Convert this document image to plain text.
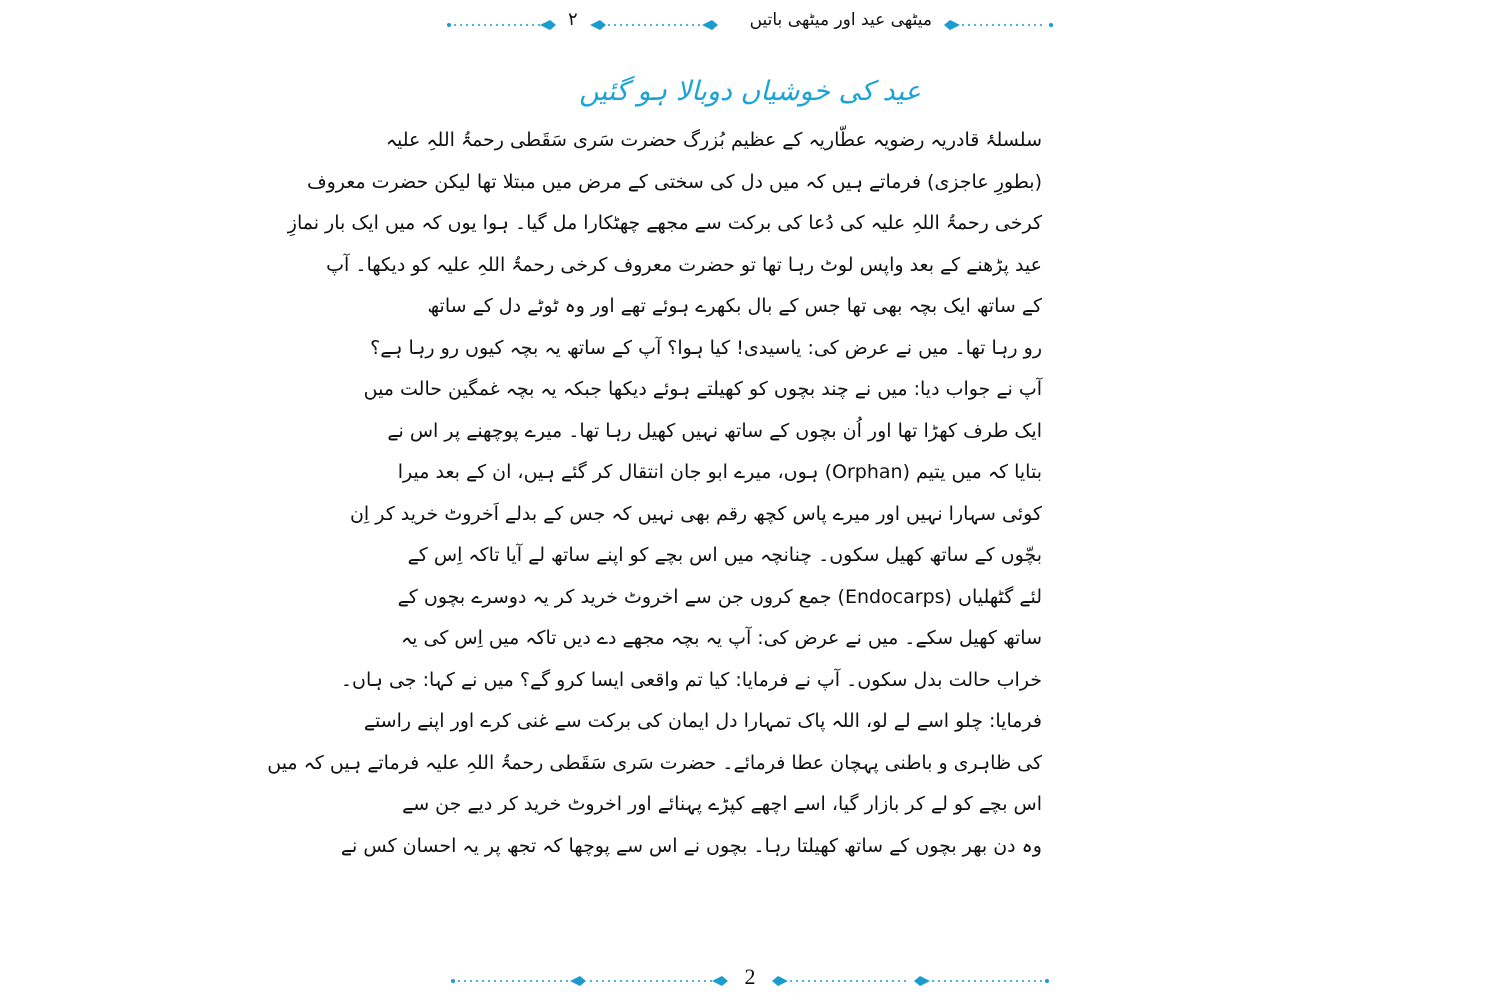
۲	میٹھی عید اور میٹھی باتیں
عید کی خوشیاں دوبالا ہو گئیں
سلسلۂ قادریہ رضویہ عطّاریہ کے عظیم بُزرگ حضرت سَری سَقَطی رحمۃُ اللہِ علیہ
(بطورِ عاجزی) فرماتے ہیں کہ میں دل کی سختی کے مرض میں مبتلا تھا لیکن حضرت معروف
کرخی رحمۃُ اللہِ علیہ کی دُعا کی برکت سے مجھے چھٹکارا مل گیا۔ ہوا یوں کہ میں ایک بار نمازِ
عید پڑھنے کے بعد واپس لوٹ رہا تھا تو حضرت معروف کرخی رحمۃُ اللہِ علیہ کو دیکھا۔ آپ
کے ساتھ ایک بچہ بھی تھا جس کے بال بکھرے ہوئے تھے اور وہ ٹوٹے دل کے ساتھ
رو رہا تھا۔ میں نے عرض کی: یاسیدی! کیا ہوا؟ آپ کے ساتھ یہ بچہ کیوں رو رہا ہے؟
آپ نے جواب دیا: میں نے چند بچوں کو کھیلتے ہوئے دیکھا جبکہ یہ بچہ غمگین حالت میں
ایک طرف کھڑا تھا اور اُن بچوں کے ساتھ نہیں کھیل رہا تھا۔ میرے پوچھنے پر اس نے
بتایا کہ میں یتیم (Orphan) ہوں، میرے ابو جان انتقال کر گئے ہیں، ان کے بعد میرا
کوئی سہارا نہیں اور میرے پاس کچھ رقم بھی نہیں کہ جس کے بدلے اَخروٹ خرید کر اِن
بچّوں کے ساتھ کھیل سکوں۔ چنانچہ میں اس بچے کو اپنے ساتھ لے آیا تاکہ اِس کے
لئے گٹھلیاں (Endocarps) جمع کروں جن سے اخروٹ خرید کر یہ دوسرے بچوں کے
ساتھ کھیل سکے۔ میں نے عرض کی: آپ یہ بچہ مجھے دے دیں تاکہ میں اِس کی یہ
خراب حالت بدل سکوں۔ آپ نے فرمایا: کیا تم واقعی ایسا کرو گے؟ میں نے کہا: جی ہاں۔
فرمایا: چلو اسے لے لو، اللہ پاک تمہارا دل ایمان کی برکت سے غنی کرے اور اپنے راستے
کی ظاہری و باطنی پہچان عطا فرمائے۔ حضرت سَری سَقَطی رحمۃُ اللہِ علیہ فرماتے ہیں کہ میں
اس بچے کو لے کر بازار گیا، اسے اچھے کپڑے پہنائے اور اخروٹ خرید کر دیے جن سے
وہ دن بھر بچوں کے ساتھ کھیلتا رہا۔ بچوں نے اس سے پوچھا کہ تجھ پر یہ احسان کس نے
2
